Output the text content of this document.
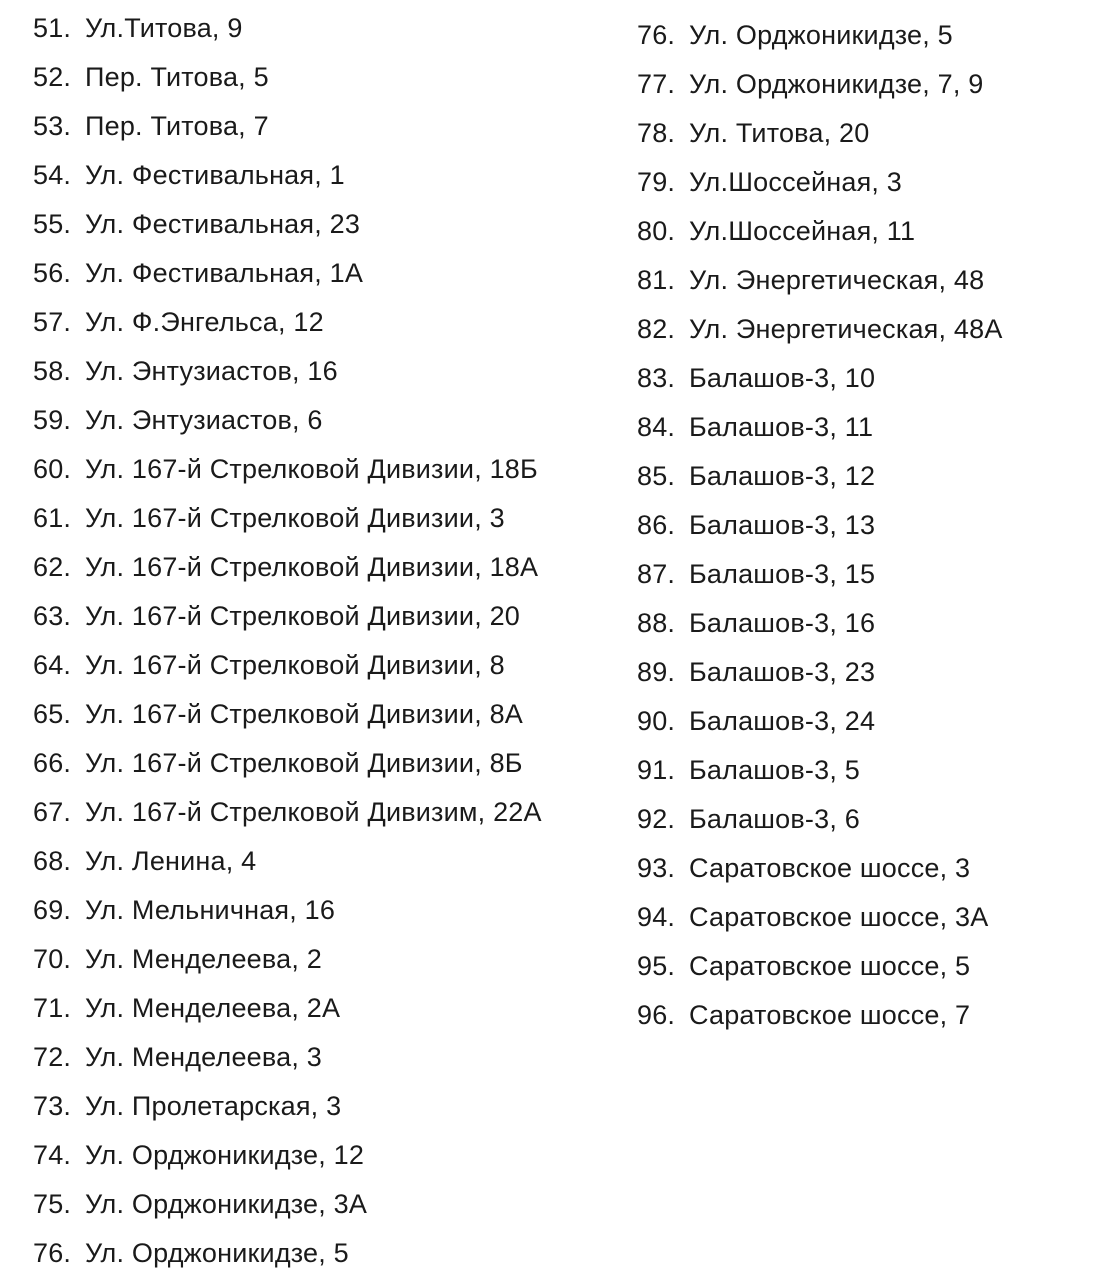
51. Ул.Титова, 9
52. Пер. Титова, 5
53. Пер. Титова, 7
54. Ул. Фестивальная, 1
55. Ул. Фестивальная, 23
56. Ул. Фестивальная, 1А
57. Ул. Ф.Энгельса, 12
58. Ул. Энтузиастов, 16
59. Ул. Энтузиастов, 6
60. Ул. 167-й Стрелковой Дивизии, 18Б
61. Ул. 167-й Стрелковой Дивизии, 3
62. Ул. 167-й Стрелковой Дивизии, 18А
63. Ул. 167-й Стрелковой Дивизии, 20
64. Ул. 167-й Стрелковой Дивизии, 8
65. Ул. 167-й Стрелковой Дивизии, 8А
66. Ул. 167-й Стрелковой Дивизии, 8Б
67. Ул. 167-й Стрелковой Дивизим, 22А
68. Ул. Ленина, 4
69. Ул. Мельничная, 16
70. Ул. Менделеева, 2
71. Ул. Менделеева, 2А
72. Ул. Менделеева, 3
73. Ул. Пролетарская, 3
74. Ул. Орджоникидзе, 12
75. Ул. Орджоникидзе, 3А
76. Ул. Орджоникидзе, 5
76. Ул. Орджоникидзе, 5
77. Ул. Орджоникидзе, 7, 9
78. Ул. Титова, 20
79. Ул.Шоссейная, 3
80. Ул.Шоссейная, 11
81. Ул. Энергетическая, 48
82. Ул. Энергетическая, 48А
83. Балашов-3, 10
84. Балашов-3, 11
85. Балашов-3, 12
86. Балашов-3, 13
87. Балашов-3, 15
88. Балашов-3, 16
89. Балашов-3, 23
90. Балашов-3, 24
91. Балашов-3, 5
92. Балашов-3, 6
93. Саратовское шоссе, 3
94. Саратовское шоссе, 3А
95. Саратовское шоссе, 5
96. Саратовское шоссе, 7
